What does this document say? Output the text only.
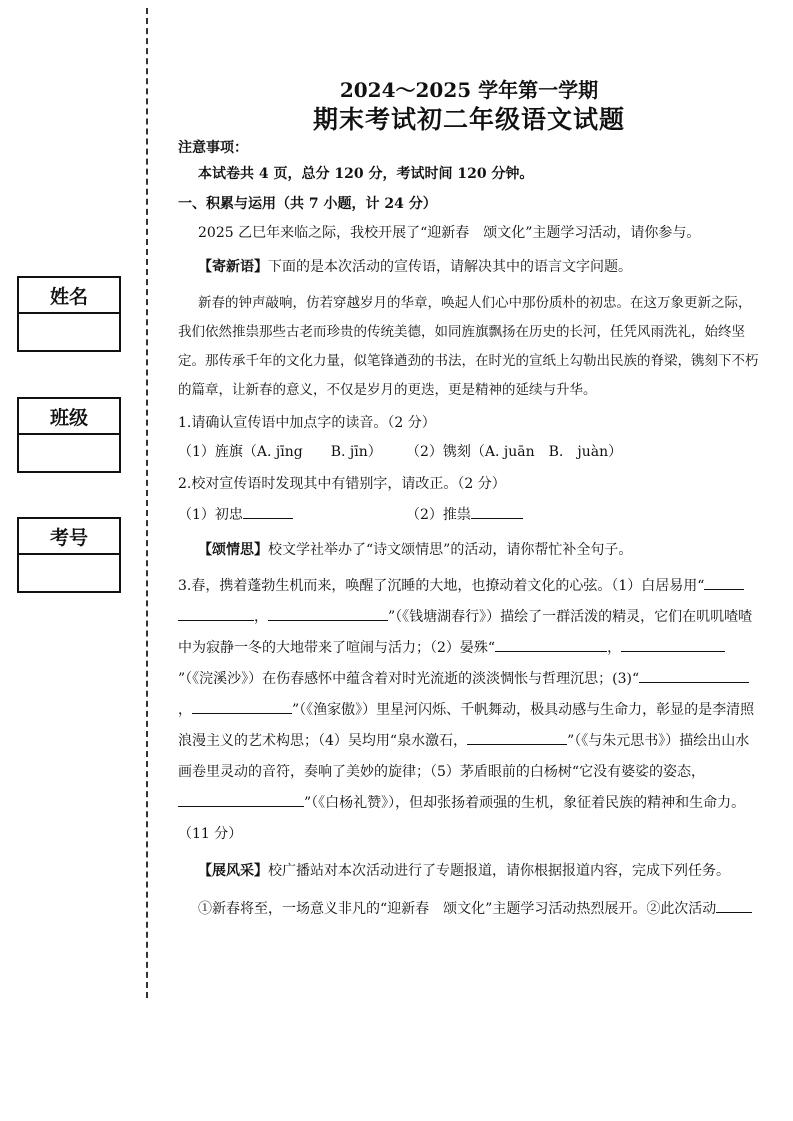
姓名
班级
考号
2024～2025 学年第一学期
期末考试初二年级语文试题

注意事项：

本试卷共 4 页，总分 120 分，考试时间 120 分钟。

一、积累与运用（共 7 小题，计 24 分）

2025 乙巳年来临之际，我校开展了“迎新春　颂文化”主题学习活动，请你参与。

【寄新语】下面的是本次活动的宣传语，请解决其中的语言文字问题。

新春的钟声敲响，仿若穿越岁月的华章，唤起人们心中那份质朴的初忠。在这万象更新之际，我们依然推祟那些古老而珍贵的传统美德，如同旌旗飘扬在历史的长河，任凭风雨洗礼，始终坚定。那传承千年的文化力量，似笔锋遒劲的书法，在时光的宣纸上勾勒出民族的脊梁，镌刻下不朽的篇章，让新春的意义，不仅是岁月的更迭，更是精神的延续与升华。

1.请确认宣传语中加点字的读音。（2 分）

（1）旌旗（A. jīng　　B. jīn）	（2）镌刻（A. juān　B.　juàn）

2.校对宣传语时发现其中有错别字，请改正。（2 分）

（1）初忠	（2）推祟

【颂情思】校文学社举办了“诗文颂情思”的活动，请你帮忙补全句子。

3.春，携着蓬勃生机而来，唤醒了沉睡的大地，也撩动着文化的心弦。（1）白居易用“ ，	”（《钱塘湖春行》）描绘了一群活泼的精灵，它们在叽叽喳喳中为寂静一冬的大地带来了喧闹与活力；（2）晏殊“	，”（《浣溪沙》）在伤春感怀中蕴含着对时光流逝的淡淡惆怅与哲理沉思；(3)“，	”（《渔家傲》）里星河闪烁、千帆舞动，极具动感与生命力，彰显的是李清照浪漫主义的艺术构思；（4）吴均用“泉水激石，	”（《与朱元思书》）描绘出山水画卷里灵动的音符，奏响了美妙的旋律；（5）茅盾眼前的白杨树“它没有婆娑的姿态，”（《白杨礼赞》），但却张扬着顽强的生机，象征着民族的精神和生命力。（11 分）

【展风采】校广播站对本次活动进行了专题报道，请你根据报道内容，完成下列任务。

①新春将至，一场意义非凡的“迎新春　颂文化”主题学习活动热烈展开。②此次活动
